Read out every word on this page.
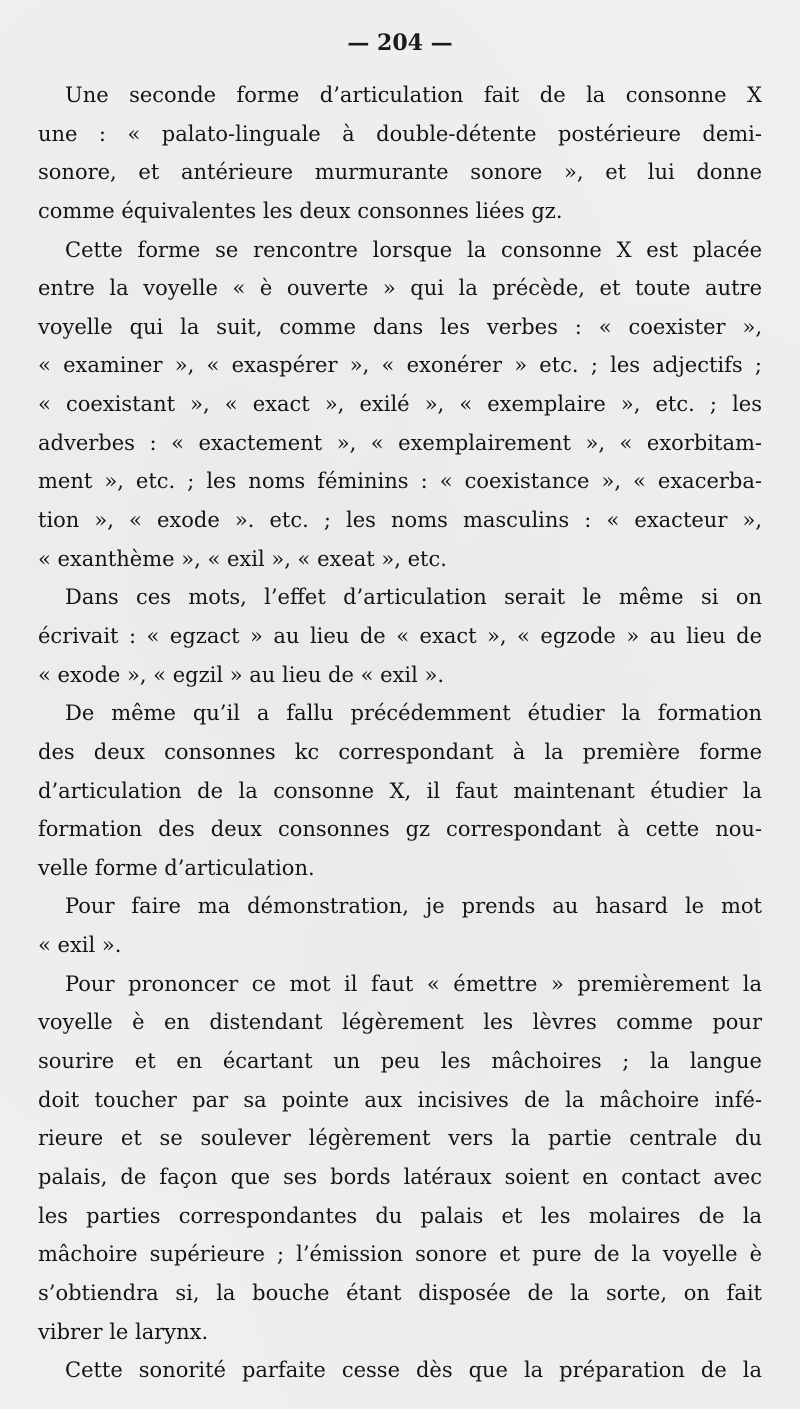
— 204 —
Une seconde forme d’articulation fait de la consonne X
une : « palato-linguale à double-détente postérieure demi-
sonore, et antérieure murmurante sonore », et lui donne
comme équivalentes les deux consonnes liées gz.
Cette forme se rencontre lorsque la consonne X est placée
entre la voyelle « è ouverte » qui la précède, et toute autre
voyelle qui la suit, comme dans les verbes : « coexister »,
« examiner », « exaspérer », « exonérer » etc. ; les adjectifs ;
« coexistant », « exact », exilé », « exemplaire », etc. ; les
adverbes : « exactement », « exemplairement », « exorbitam-
ment », etc. ; les noms féminins : « coexistance », « exacerba-
tion », « exode ». etc. ; les noms masculins : « exacteur »,
« exanthème », « exil », « exeat », etc.
Dans ces mots, l’effet d’articulation serait le même si on
écrivait : « egzact » au lieu de « exact », « egzode » au lieu de
« exode », « egzil » au lieu de « exil ».
De même qu’il a fallu précédemment étudier la formation
des deux consonnes kc correspondant à la première forme
d’articulation de la consonne X, il faut maintenant étudier la
formation des deux consonnes gz correspondant à cette nou-
velle forme d’articulation.
Pour faire ma démonstration, je prends au hasard le mot
« exil ».
Pour prononcer ce mot il faut « émettre » premièrement la
voyelle è en distendant légèrement les lèvres comme pour
sourire et en écartant un peu les mâchoires ; la langue
doit toucher par sa pointe aux incisives de la mâchoire infé-
rieure et se soulever légèrement vers la partie centrale du
palais, de façon que ses bords latéraux soient en contact avec
les parties correspondantes du palais et les molaires de la
mâchoire supérieure ; l’émission sonore et pure de la voyelle è
s’obtiendra si, la bouche étant disposée de la sorte, on fait
vibrer le larynx.
Cette sonorité parfaite cesse dès que la préparation de la
